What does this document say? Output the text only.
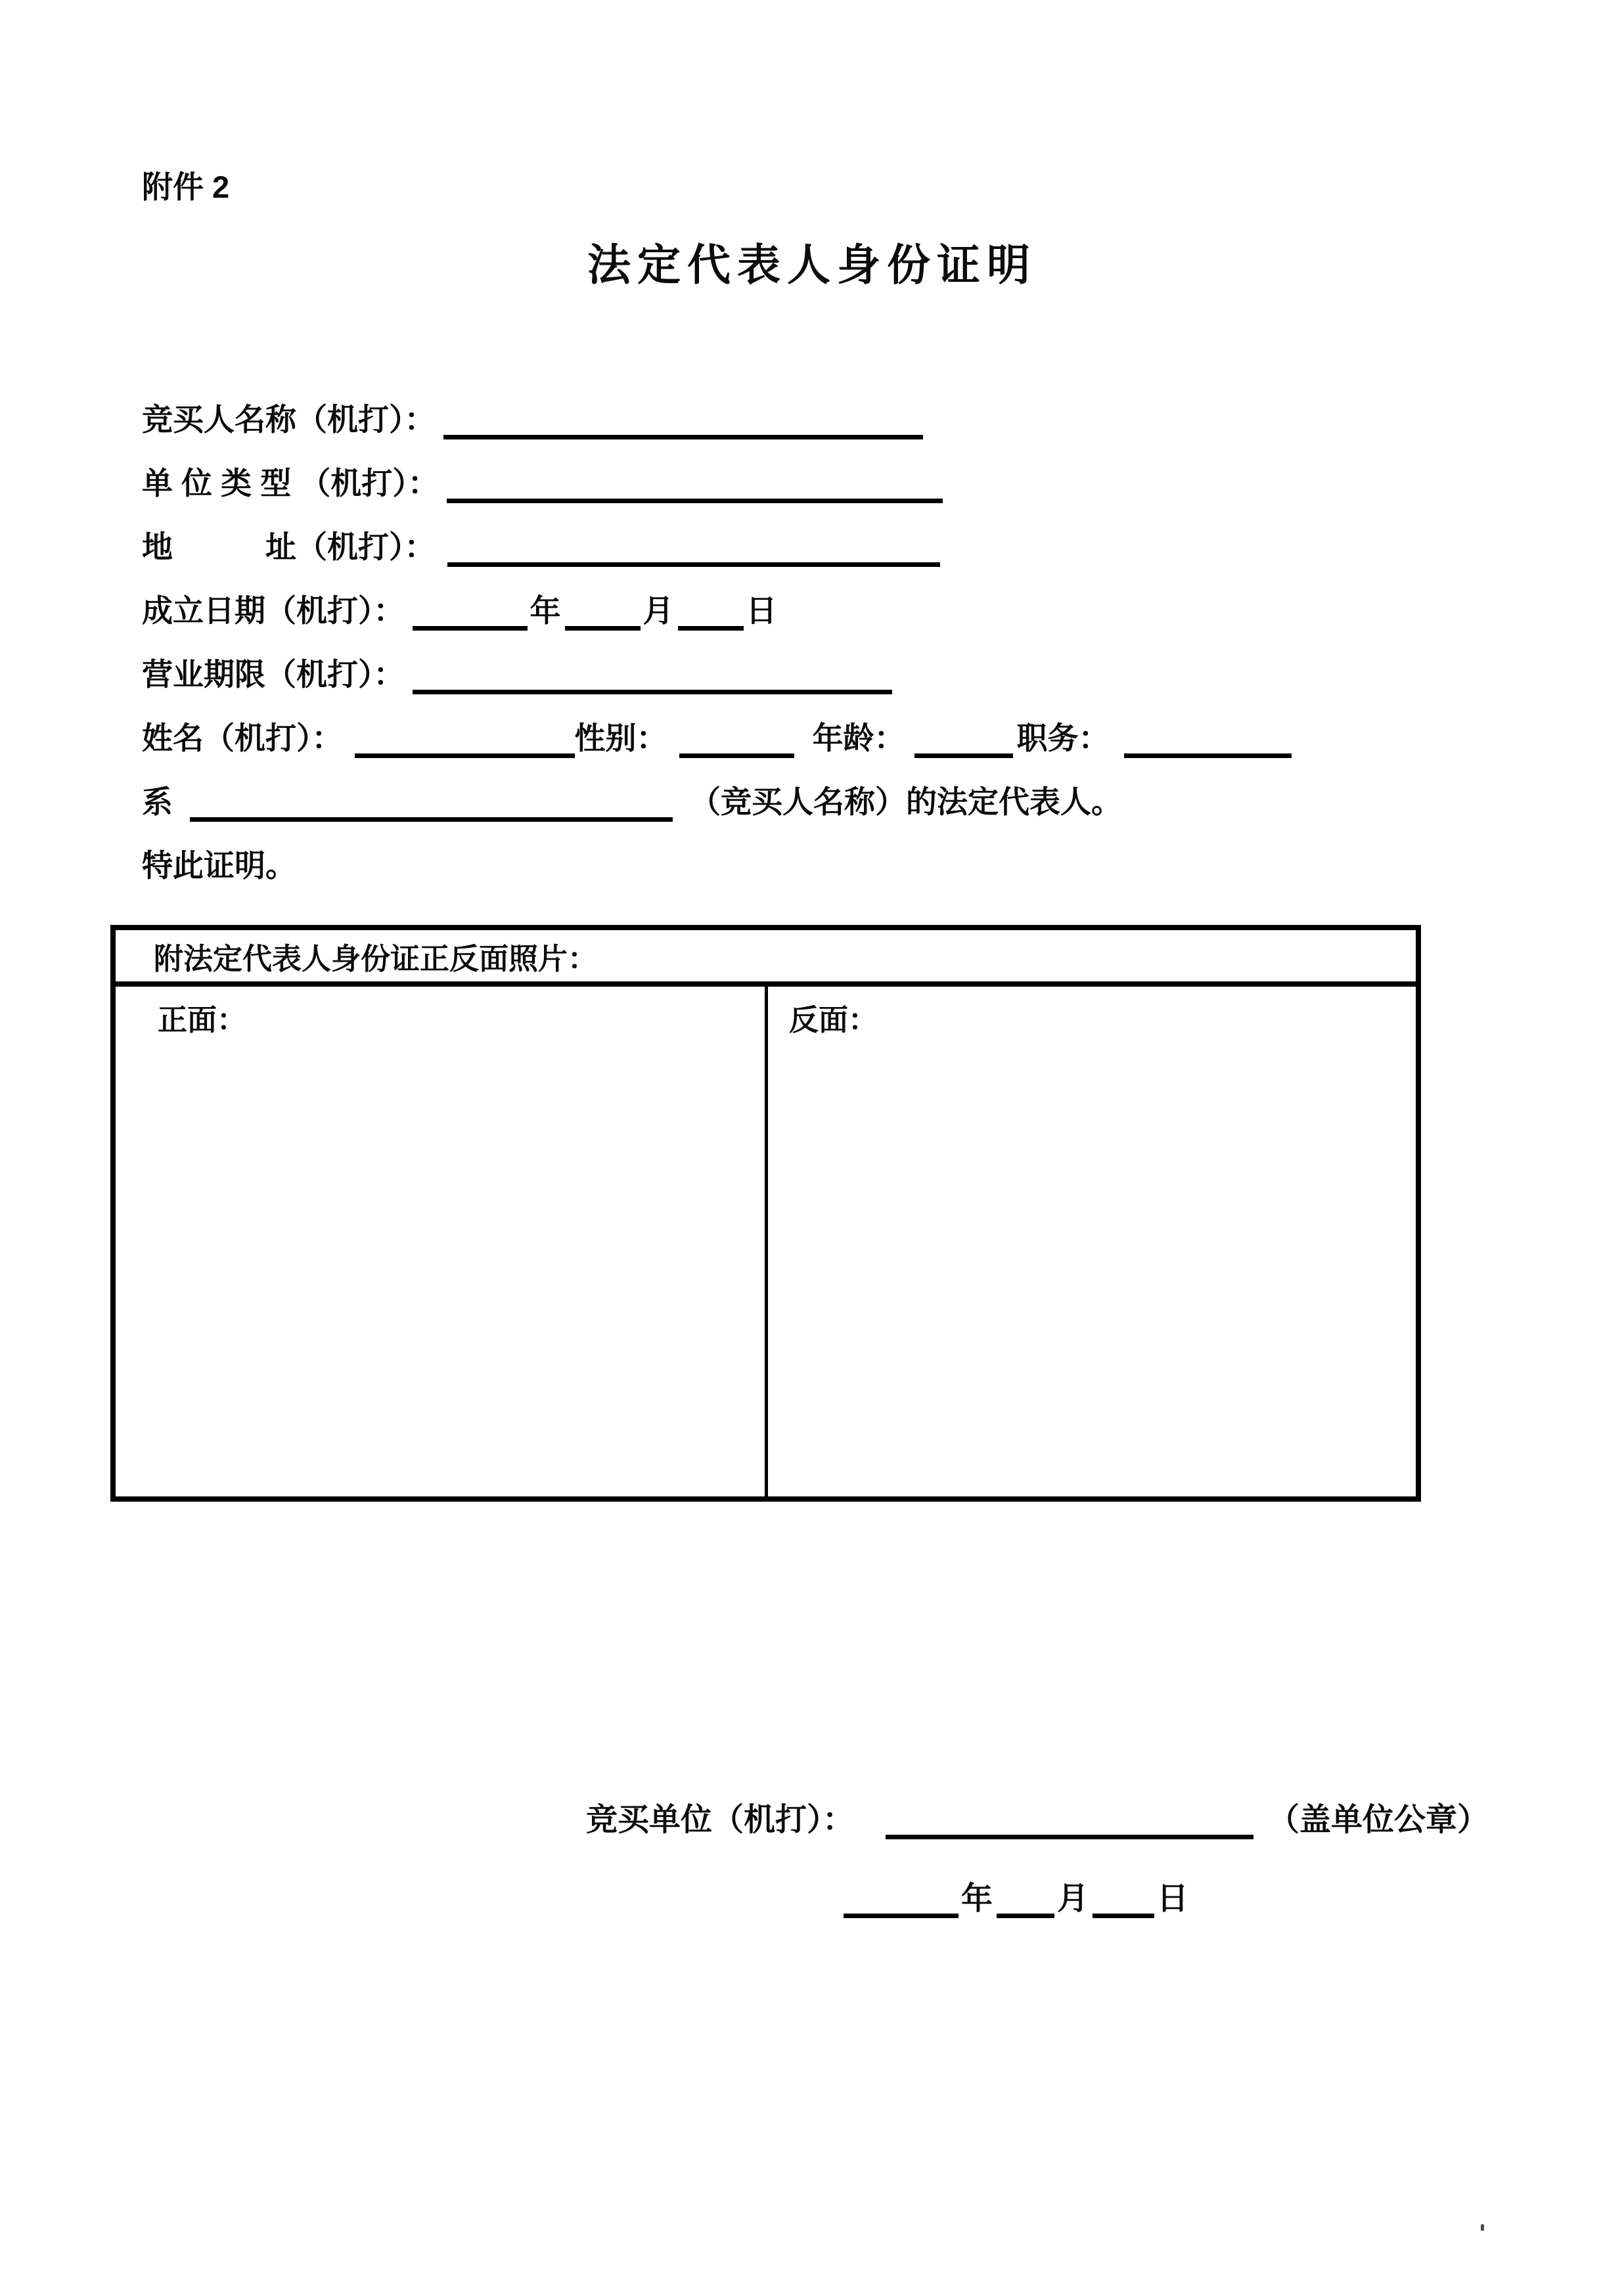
附件 2
法定代表人身份证明
竞买人名称（机打）：
单 位 类 型 （机打）：
地　　　址（机打）：
成立日期（机打）：	年	月 日
营业期限（机打）：
姓名（机打）：	性别：	年龄：	职务：
系	（竞买人名称）的法定代表人。
特此证明。
附法定代表人身份证正反面照片：
正面：	反面：
竞买单位（机打）：	（盖单位公章）
年 月 日
